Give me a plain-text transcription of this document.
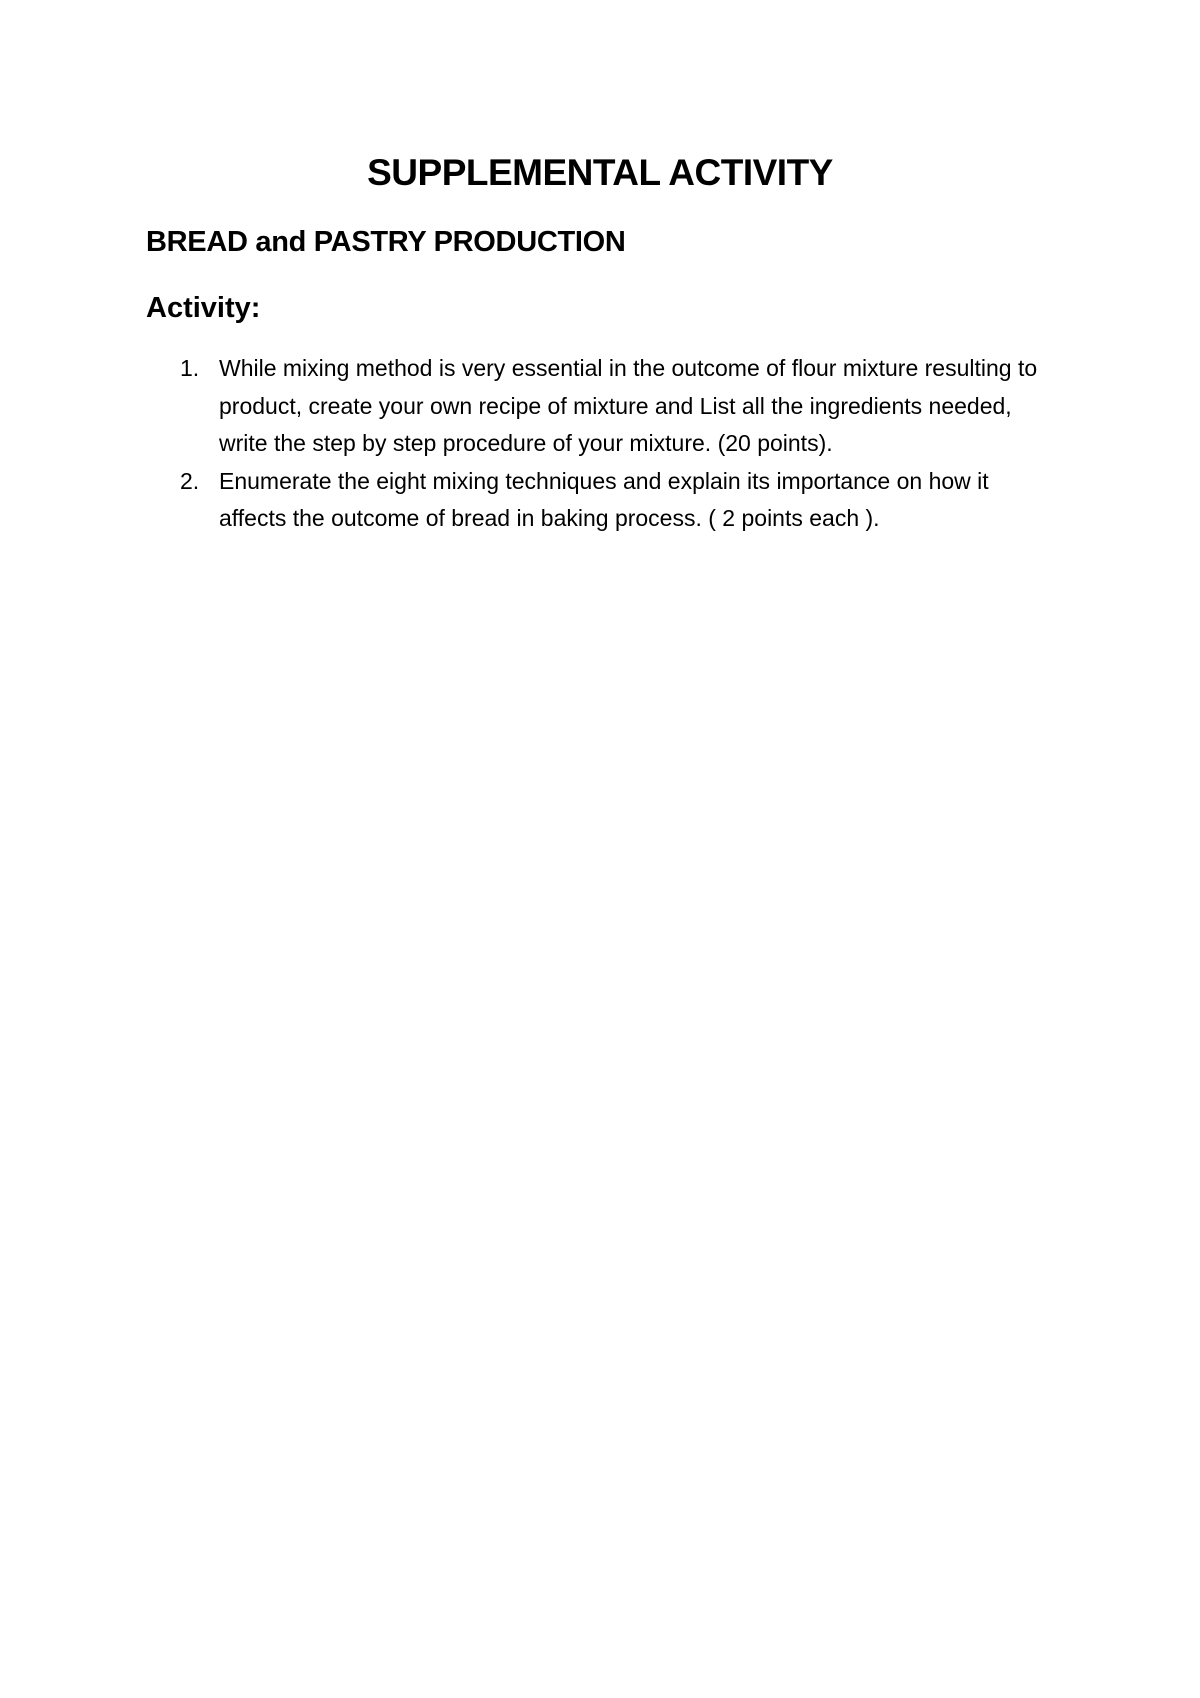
SUPPLEMENTAL ACTIVITY
BREAD and PASTRY PRODUCTION
Activity:
1. While mixing method is very essential in the outcome of flour mixture resulting to product, create your own recipe of mixture and List all the ingredients needed, write the step by step procedure of your mixture. (20 points).
2. Enumerate the eight mixing techniques and explain its importance on how it affects the outcome of bread in baking process. ( 2 points each ).
